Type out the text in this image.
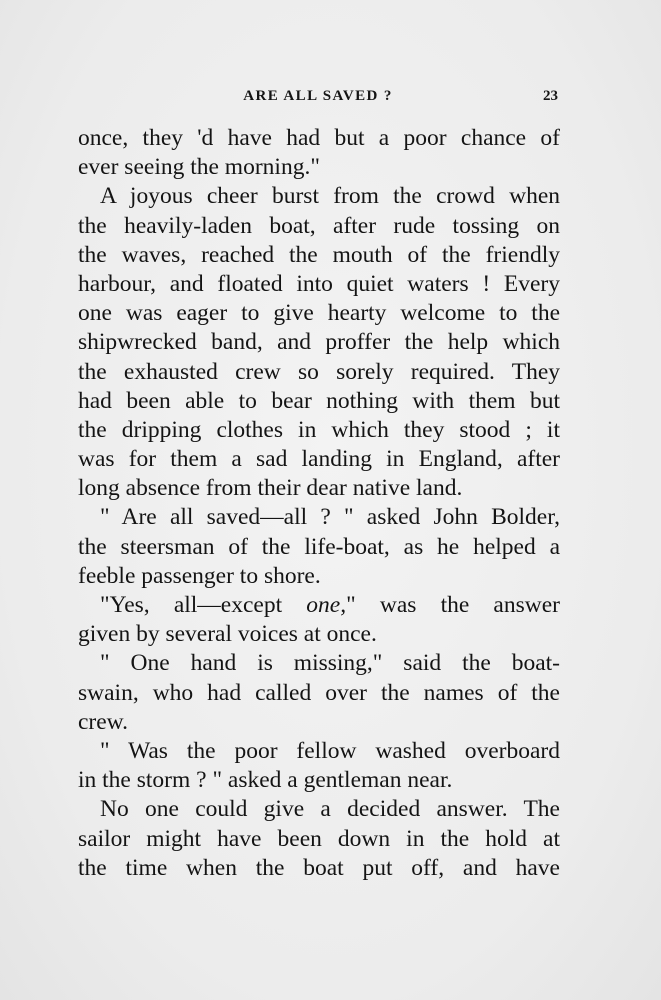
ARE ALL SAVED ?	23
once, they 'd have had but a poor chance of
ever seeing the morning."
A joyous cheer burst from the crowd when
the heavily-laden boat, after rude tossing on
the waves, reached the mouth of the friendly
harbour, and floated into quiet waters ! Every
one was eager to give hearty welcome to the
shipwrecked band, and proffer the help which
the exhausted crew so sorely required. They
had been able to bear nothing with them but
the dripping clothes in which they stood ; it
was for them a sad landing in England, after
long absence from their dear native land.
" Are all saved—all ? " asked John Bolder,
the steersman of the life-boat, as he helped a
feeble passenger to shore.
"Yes, all—except one," was the answer
given by several voices at once.
" One hand is missing," said the boat-
swain, who had called over the names of the
crew.
" Was the poor fellow washed overboard
in the storm ? " asked a gentleman near.
No one could give a decided answer. The
sailor might have been down in the hold at
the time when the boat put off, and have
